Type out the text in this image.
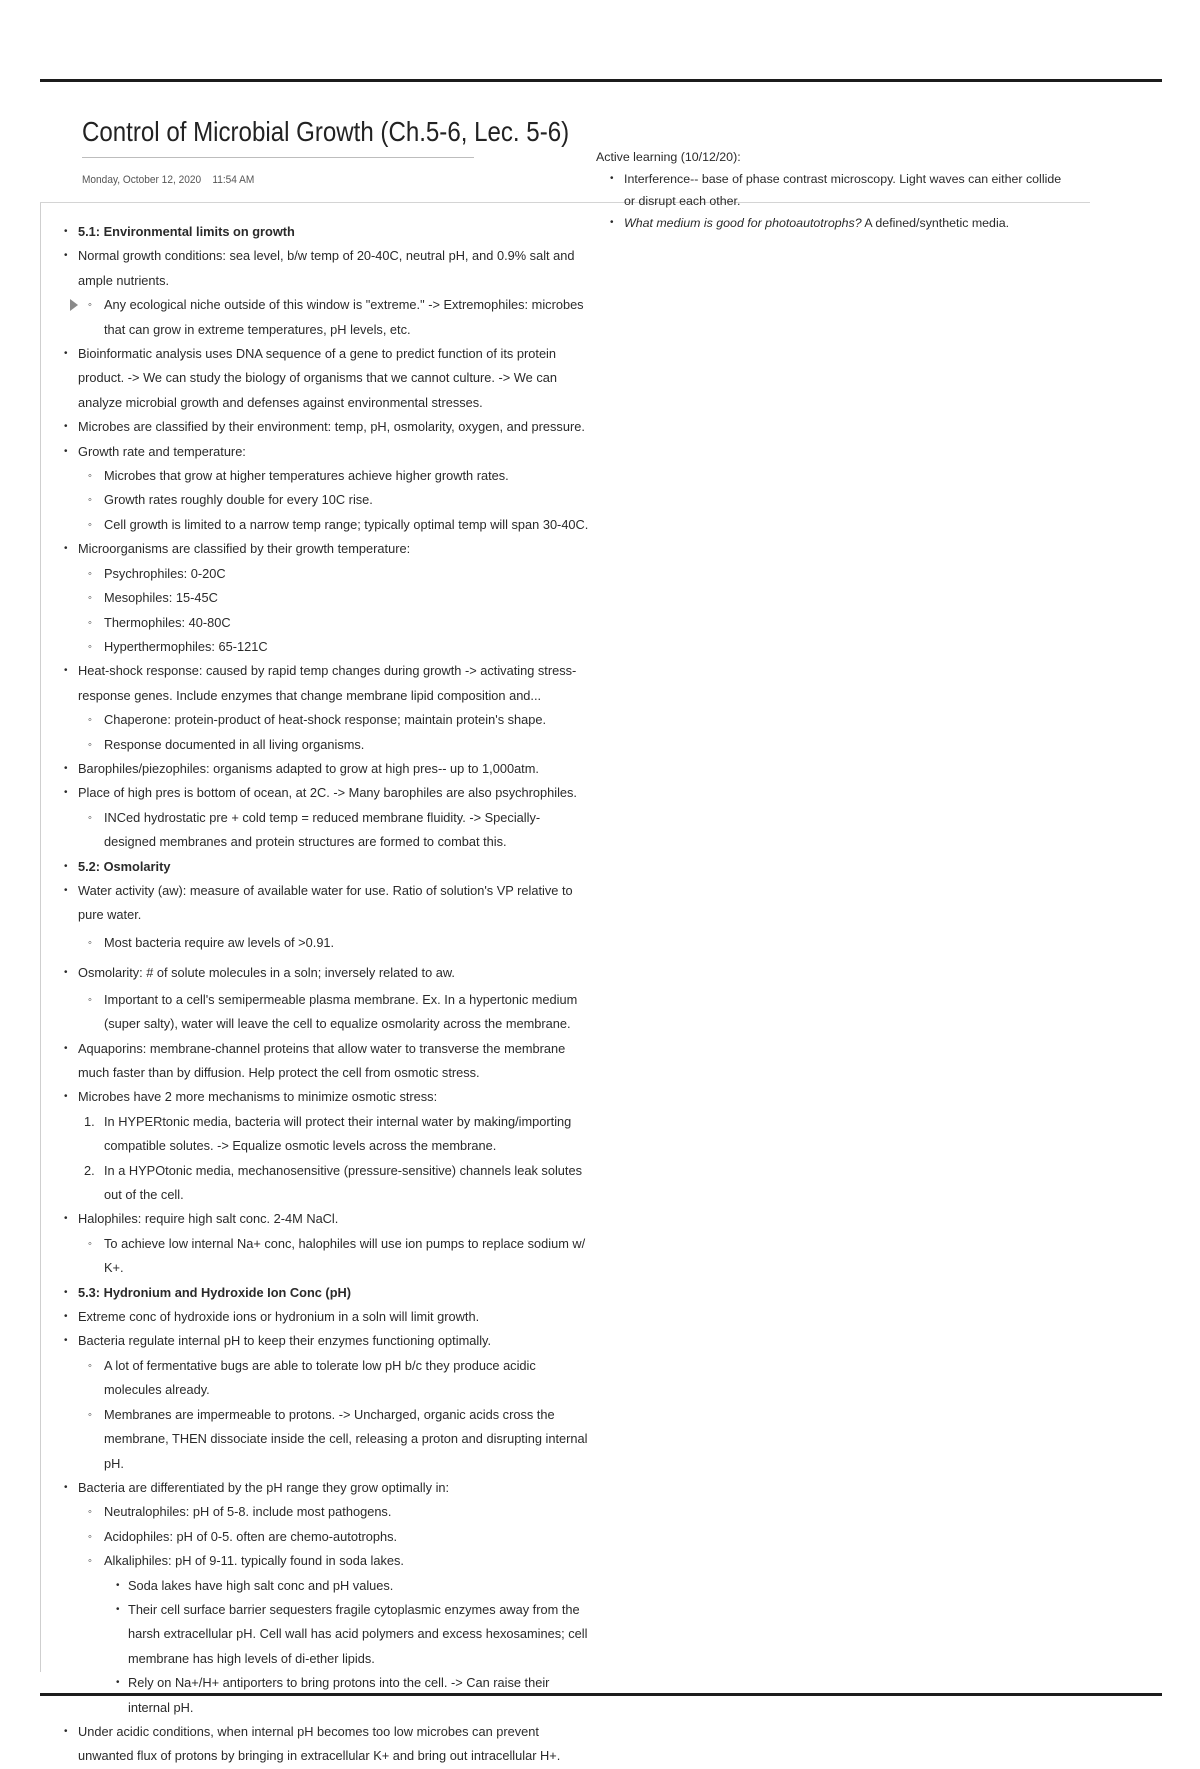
Control of Microbial Growth (Ch.5-6, Lec. 5-6)
Monday, October 12, 2020 11:54 AM

Active learning (10/12/20):

• Interference-- base of phase contrast microscopy. Light waves can either collide or disrupt each other.
• What medium is good for photoautotrophs? A defined/synthetic media.
• 5.1: Environmental limits on growth
• Normal growth conditions: sea level, b/w temp of 20-40C, neutral pH, and 0.9% salt and ample nutrients.
◦ Any ecological niche outside of this window is "extreme." -> Extremophiles: microbes that can grow in extreme temperatures, pH levels, etc.
• Bioinformatic analysis uses DNA sequence of a gene to predict function of its protein product. -> We can study the biology of organisms that we cannot culture. -> We can analyze microbial growth and defenses against environmental stresses.
• Microbes are classified by their environment: temp, pH, osmolarity, oxygen, and pressure.
• Growth rate and temperature:
◦ Microbes that grow at higher temperatures achieve higher growth rates.
◦ Growth rates roughly double for every 10C rise.
◦ Cell growth is limited to a narrow temp range; typically optimal temp will span 30-40C.
• Microorganisms are classified by their growth temperature:
◦ Psychrophiles: 0-20C
◦ Mesophiles: 15-45C
◦ Thermophiles: 40-80C
◦ Hyperthermophiles: 65-121C
• Heat-shock response: caused by rapid temp changes during growth -> activating stress-response genes. Include enzymes that change membrane lipid composition and...
◦ Chaperone: protein-product of heat-shock response; maintain protein's shape.
◦ Response documented in all living organisms.
• Barophiles/piezophiles: organisms adapted to grow at high pres-- up to 1,000atm.
• Place of high pres is bottom of ocean, at 2C. -> Many barophiles are also psychrophiles.
◦ INCed hydrostatic pre + cold temp = reduced membrane fluidity. -> Specially-designed membranes and protein structures are formed to combat this.
• 5.2: Osmolarity
• Water activity (aw): measure of available water for use. Ratio of solution's VP relative to pure water.
◦ Most bacteria require aw levels of >0.91.
• Osmolarity: # of solute molecules in a soln; inversely related to aw.
◦ Important to a cell's semipermeable plasma membrane. Ex. In a hypertonic medium (super salty), water will leave the cell to equalize osmolarity across the membrane.
• Aquaporins: membrane-channel proteins that allow water to transverse the membrane much faster than by diffusion. Help protect the cell from osmotic stress.
• Microbes have 2 more mechanisms to minimize osmotic stress:
1. In HYPERtonic media, bacteria will protect their internal water by making/importing compatible solutes. -> Equalize osmotic levels across the membrane.
2. In a HYPOtonic media, mechanosensitive (pressure-sensitive) channels leak solutes out of the cell.
• Halophiles: require high salt conc. 2-4M NaCl.
◦ To achieve low internal Na+ conc, halophiles will use ion pumps to replace sodium w/ K+.
• 5.3: Hydronium and Hydroxide Ion Conc (pH)
• Extreme conc of hydroxide ions or hydronium in a soln will limit growth.
• Bacteria regulate internal pH to keep their enzymes functioning optimally.
◦ A lot of fermentative bugs are able to tolerate low pH b/c they produce acidic molecules already.
◦ Membranes are impermeable to protons. -> Uncharged, organic acids cross the membrane, THEN dissociate inside the cell, releasing a proton and disrupting internal pH.
• Bacteria are differentiated by the pH range they grow optimally in:
◦ Neutralophiles: pH of 5-8. include most pathogens.
◦ Acidophiles: pH of 0-5. often are chemo-autotrophs.
◦ Alkaliphiles: pH of 9-11. typically found in soda lakes.
• Soda lakes have high salt conc and pH values.
• Their cell surface barrier sequesters fragile cytoplasmic enzymes away from the harsh extracellular pH. Cell wall has acid polymers and excess hexosamines; cell membrane has high levels of di-ether lipids.
• Rely on Na+/H+ antiporters to bring protons into the cell. -> Can raise their internal pH.
• Under acidic conditions, when internal pH becomes too low microbes can prevent unwanted flux of protons by bringing in extracellular K+ and bring out intracellular H+.
